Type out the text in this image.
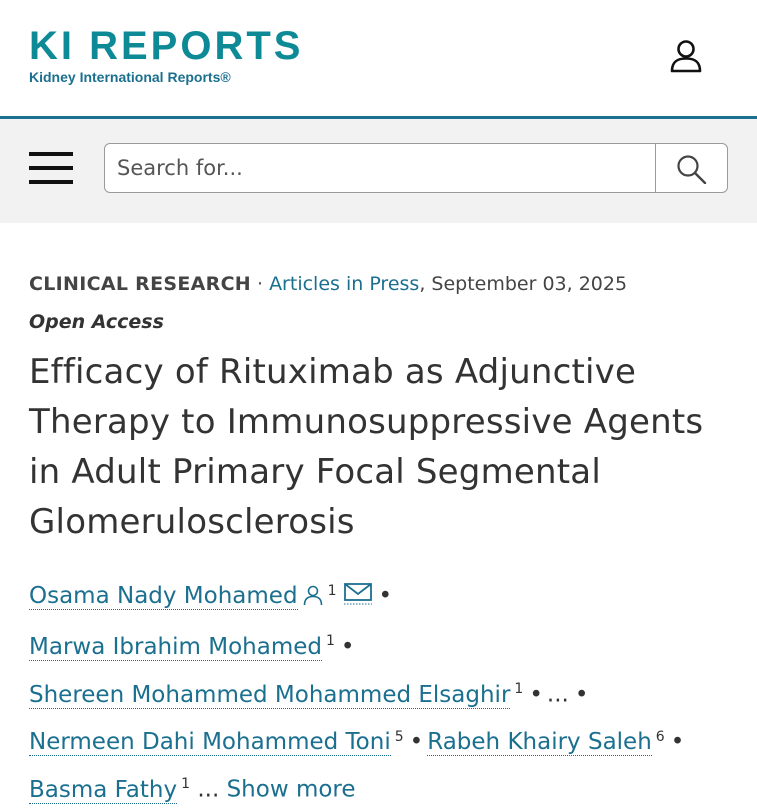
KI REPORTS
Kidney International Reports®
Search for...
CLINICAL RESEARCH · Articles in Press, September 03, 2025
Open Access
Efficacy of Rituximab as Adjunctive Therapy to Immunosuppressive Agents in Adult Primary Focal Segmental Glomerulosclerosis
Osama Nady Mohamed $^1$ •
Marwa Ibrahim Mohamed $^1$ •
Shereen Mohammed Mohammed Elsaghir $^1$ • ... •
Nermeen Dahi Mohammed Toni $^5$ • Rabeh Khairy Saleh $^6$ •
Basma Fathy $^1$ ... Show more
